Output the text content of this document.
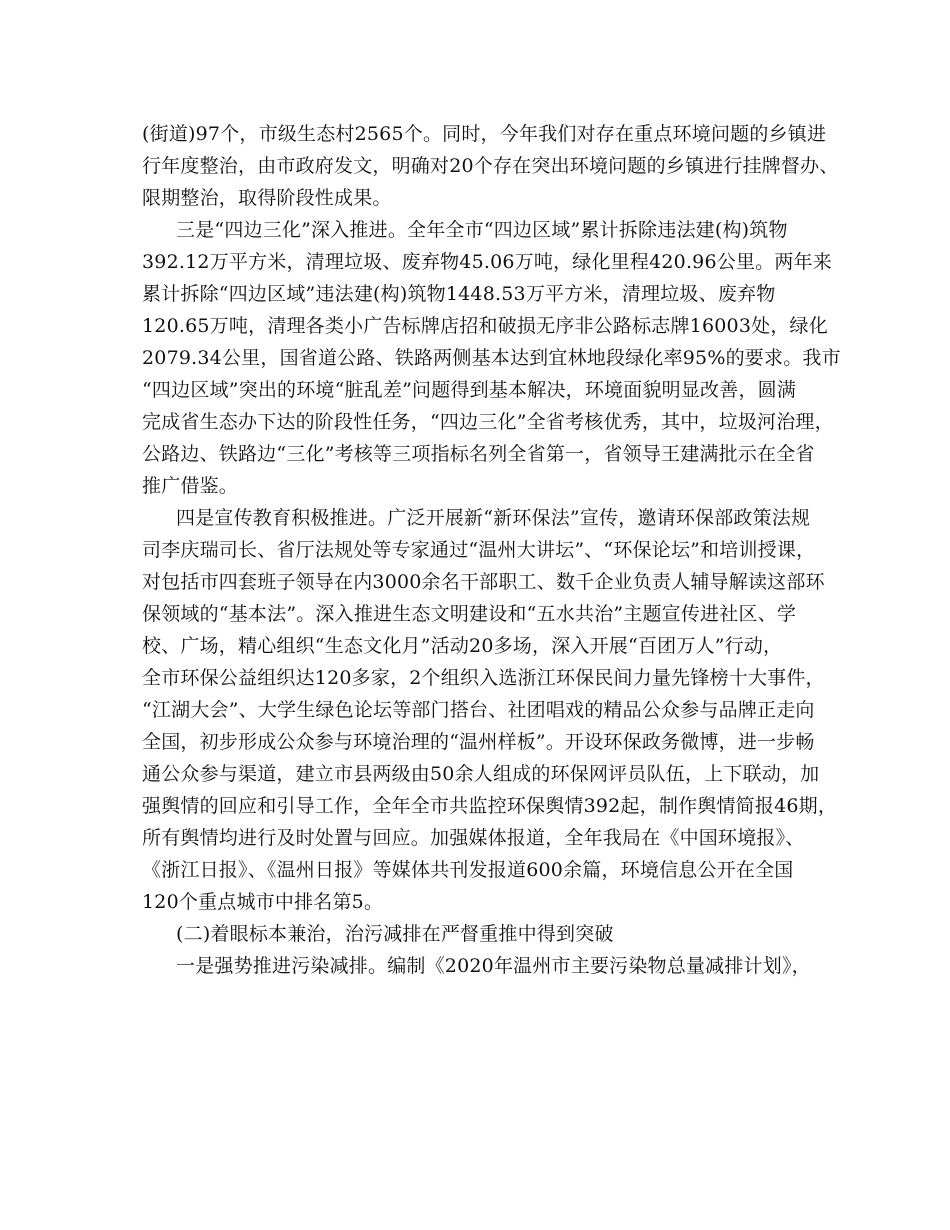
(街道)97个，市级生态村2565个。同时，今年我们对存在重点环境问题的乡镇进
行年度整治，由市政府发文，明确对20个存在突出环境问题的乡镇进行挂牌督办、
限期整治，取得阶段性成果。
三是“四边三化”深入推进。全年全市“四边区域”累计拆除违法建(构)筑物
392.12万平方米，清理垃圾、废弃物45.06万吨，绿化里程420.96公里。两年来
累计拆除“四边区域”违法建(构)筑物1448.53万平方米，清理垃圾、废弃物
120.65万吨，清理各类小广告标牌店招和破损无序非公路标志牌16003处，绿化
2079.34公里，国省道公路、铁路两侧基本达到宜林地段绿化率95%的要求。我市
“四边区域”突出的环境“脏乱差”问题得到基本解决，环境面貌明显改善，圆满
完成省生态办下达的阶段性任务，“四边三化”全省考核优秀，其中，垃圾河治理，
公路边、铁路边“三化”考核等三项指标名列全省第一，省领导王建满批示在全省
推广借鉴。
四是宣传教育积极推进。广泛开展新“新环保法”宣传，邀请环保部政策法规
司李庆瑞司长、省厅法规处等专家通过“温州大讲坛”、“环保论坛”和培训授课，
对包括市四套班子领导在内3000余名干部职工、数千企业负责人辅导解读这部环
保领域的“基本法”。深入推进生态文明建设和“五水共治”主题宣传进社区、学
校、广场，精心组织“生态文化月”活动20多场，深入开展“百团万人”行动，
全市环保公益组织达120多家，2个组织入选浙江环保民间力量先锋榜十大事件，
“江湖大会”、大学生绿色论坛等部门搭台、社团唱戏的精品公众参与品牌正走向
全国，初步形成公众参与环境治理的“温州样板”。开设环保政务微博，进一步畅
通公众参与渠道，建立市县两级由50余人组成的环保网评员队伍，上下联动，加
强舆情的回应和引导工作，全年全市共监控环保舆情392起，制作舆情简报46期，
所有舆情均进行及时处置与回应。加强媒体报道，全年我局在《中国环境报》、
《浙江日报》、《温州日报》等媒体共刊发报道600余篇，环境信息公开在全国
120个重点城市中排名第5。
(二)着眼标本兼治，治污减排在严督重推中得到突破
一是强势推进污染减排。编制《2020年温州市主要污染物总量减排计划》，
